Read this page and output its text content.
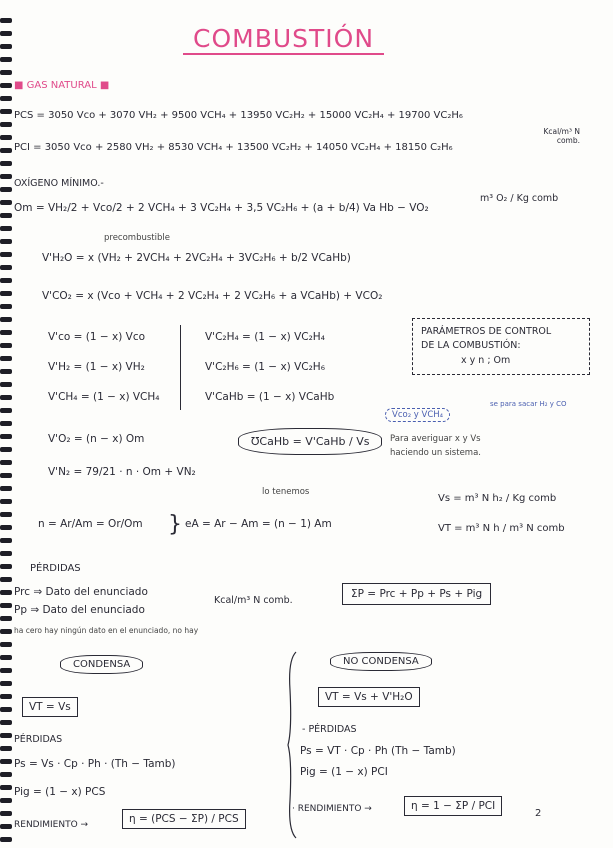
COMBUSTIÓN
■ GAS NATURAL ■
PCS = 3050 Vco + 3070 VH₂ + 9500 VCH₄ + 13950 VC₂H₂ + 15000 VC₂H₄ + 19700 VC₂H₆
PCI = 3050 Vco + 2580 VH₂ + 8530 VCH₄ + 13500 VC₂H₂ + 14050 VC₂H₄ + 18150 C₂H₆
Kcal/m³ N comb.
OXÍGENO MÍNIMO.-
Om = VH₂/2 + Vco/2 + 2 VCH₄ + 3 VC₂H₄ + 3,5 VC₂H₆ + (a + b/4) Va Hb − VO₂
m³ O₂ / Kg comb
precombustible
V'H₂O = x (VH₂ + 2VCH₄ + 2VC₂H₄ + 3VC₂H₆ + b/2 VCaHb)
V'CO₂ = x (Vco + VCH₄ + 2 VC₂H₄ + 2 VC₂H₆ + a VCaHb) + VCO₂
V'co = (1 − x) Vco
V'H₂ = (1 − x) VH₂
V'CH₄ = (1 − x) VCH₄
V'C₂H₄ = (1 − x) VC₂H₄
V'C₂H₆ = (1 − x) VC₂H₆
V'CaHb = (1 − x) VCaHb
PARÁMETROS DE CONTROL
DE LA COMBUSTIÓN:
x y n ; Om
V'O₂ = (n − x) Om
V'N₂ = 79/21 · n · Om + VN₂
℧CaHb = V'CaHb / Vs
lo tenemos
Vco₂ y VCH₄
se para sacar H₂ y CO
Para averiguar x y Vs
haciendo un sistema.
Vs = m³ N h₂ / Kg comb
VT = m³ N h / m³ N comb
n = Ar/Am = Or/Om } eA = Ar − Am = (n − 1) Am
PÉRDIDAS
Prc ⇒ Dato del enunciado
Pp ⇒ Dato del enunciado
Kcal/m³ N comb.
ΣP = Prc + Pp + Ps + Pig
ha cero hay ningún dato en el enunciado, no hay
CONDENSA	NO CONDENSA
VT = Vs
VT = Vs + V'H₂O
PÉRDIDAS
Ps = Vs · Cp · Ph · (Th − Tamb)
Pig = (1 − x) PCS
RENDIMIENTO →	η = (PCS − ΣP) / PCS
- PÉRDIDAS
Ps = VT · Cp · Ph (Th − Tamb)
Pig = (1 − x) PCI
· RENDIMIENTO →	η = 1 − ΣP / PCI
2
